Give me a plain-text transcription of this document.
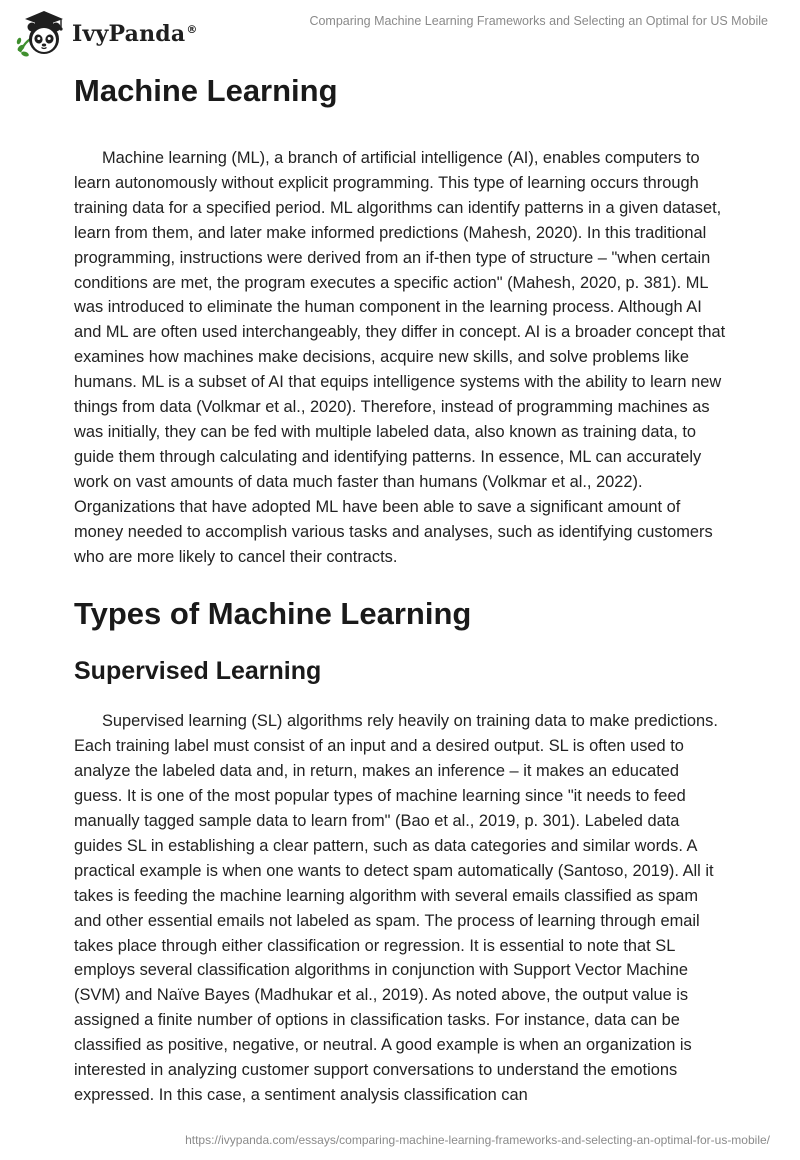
IvyPanda®
Comparing Machine Learning Frameworks and Selecting an Optimal for US Mobile
Machine Learning

Machine learning (ML), a branch of artificial intelligence (AI), enables computers to learn autonomously without explicit programming. This type of learning occurs through training data for a specified period. ML algorithms can identify patterns in a given dataset, learn from them, and later make informed predictions (Mahesh, 2020). In this traditional programming, instructions were derived from an if-then type of structure – "when certain conditions are met, the program executes a specific action" (Mahesh, 2020, p. 381). ML was introduced to eliminate the human component in the learning process. Although AI and ML are often used interchangeably, they differ in concept. AI is a broader concept that examines how machines make decisions, acquire new skills, and solve problems like humans. ML is a subset of AI that equips intelligence systems with the ability to learn new things from data (Volkmar et al., 2020). Therefore, instead of programming machines as was initially, they can be fed with multiple labeled data, also known as training data, to guide them through calculating and identifying patterns. In essence, ML can accurately work on vast amounts of data much faster than humans (Volkmar et al., 2022). Organizations that have adopted ML have been able to save a significant amount of money needed to accomplish various tasks and analyses, such as identifying customers who are more likely to cancel their contracts.

Types of Machine Learning
Supervised Learning

Supervised learning (SL) algorithms rely heavily on training data to make predictions. Each training label must consist of an input and a desired output. SL is often used to analyze the labeled data and, in return, makes an inference – it makes an educated guess. It is one of the most popular types of machine learning since "it needs to feed manually tagged sample data to learn from" (Bao et al., 2019, p. 301). Labeled data guides SL in establishing a clear pattern, such as data categories and similar words. A practical example is when one wants to detect spam automatically (Santoso, 2019). All it takes is feeding the machine learning algorithm with several emails classified as spam and other essential emails not labeled as spam. The process of learning through email takes place through either classification or regression. It is essential to note that SL employs several classification algorithms in conjunction with Support Vector Machine (SVM) and Naïve Bayes (Madhukar et al., 2019). As noted above, the output value is assigned a finite number of options in classification tasks. For instance, data can be classified as positive, negative, or neutral. A good example is when an organization is interested in analyzing customer support conversations to understand the emotions expressed. In this case, a sentiment analysis classification can

https://ivypanda.com/essays/comparing-machine-learning-frameworks-and-selecting-an-optimal-for-us-mobile/
